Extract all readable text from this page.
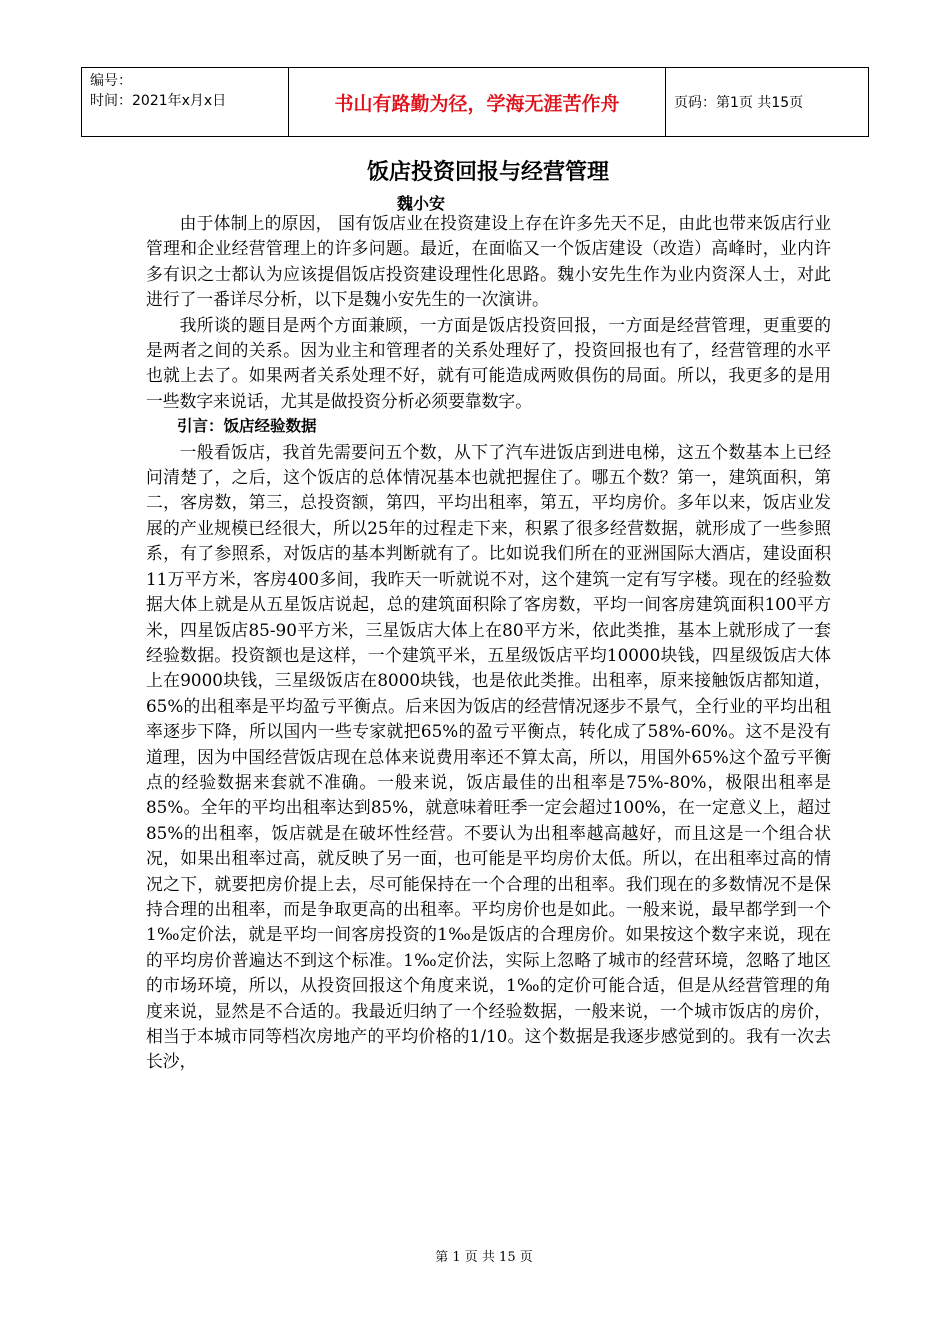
编号：
时间：2021年x月x日	书山有路勤为径，学海无涯苦作舟	页码：第1页 共15页
饭店投资回报与经营管理
魏小安

由于体制上的原因， 国有饭店业在投资建设上存在许多先天不足，由此也带来饭店行业管理和企业经营管理上的许多问题。最近，在面临又一个饭店建设（改造）高峰时，业内许多有识之士都认为应该提倡饭店投资建设理性化思路。魏小安先生作为业内资深人士，对此进行了一番详尽分析，以下是魏小安先生的一次演讲。

我所谈的题目是两个方面兼顾，一方面是饭店投资回报，一方面是经营管理，更重要的是两者之间的关系。因为业主和管理者的关系处理好了，投资回报也有了，经营管理的水平也就上去了。如果两者关系处理不好，就有可能造成两败俱伤的局面。所以，我更多的是用一些数字来说话，尤其是做投资分析必须要靠数字。

引言：饭店经验数据

一般看饭店，我首先需要问五个数，从下了汽车进饭店到进电梯，这五个数基本上已经问清楚了，之后，这个饭店的总体情况基本也就把握住了。哪五个数？第一，建筑面积，第二，客房数，第三，总投资额，第四，平均出租率，第五，平均房价。多年以来，饭店业发展的产业规模已经很大，所以25年的过程走下来，积累了很多经营数据，就形成了一些参照系，有了参照系，对饭店的基本判断就有了。比如说我们所在的亚洲国际大酒店，建设面积11万平方米，客房400多间，我昨天一听就说不对，这个建筑一定有写字楼。现在的经验数据大体上就是从五星饭店说起，总的建筑面积除了客房数，平均一间客房建筑面积100平方米，四星饭店85-90平方米，三星饭店大体上在80平方米，依此类推，基本上就形成了一套经验数据。投资额也是这样，一个建筑平米，五星级饭店平均10000块钱，四星级饭店大体上在9000块钱，三星级饭店在8000块钱，也是依此类推。出租率，原来接触饭店都知道， 65%的出租率是平均盈亏平衡点。后来因为饭店的经营情况逐步不景气，全行业的平均出租率逐步下降，所以国内一些专家就把65%的盈亏平衡点，转化成了58%-60%。这不是没有道理，因为中国经营饭店现在总体来说费用率还不算太高，所以，用国外65%这个盈亏平衡点的经验数据来套就不准确。一般来说，饭店最佳的出租率是75%-80%，极限出租率是85%。全年的平均出租率达到85%，就意味着旺季一定会超过100%，在一定意义上，超过85%的出租率，饭店就是在破坏性经营。不要认为出租率越高越好，而且这是一个组合状况，如果出租率过高，就反映了另一面，也可能是平均房价太低。所以，在出租率过高的情况之下，就要把房价提上去，尽可能保持在一个合理的出租率。我们现在的多数情况不是保持合理的出租率，而是争取更高的出租率。平均房价也是如此。一般来说，最早都学到一个1‰定价法，就是平均一间客房投资的1‰是饭店的合理房价。如果按这个数字来说，现在的平均房价普遍达不到这个标准。1‰定价法，实际上忽略了城市的经营环境，忽略了地区的市场环境，所以，从投资回报这个角度来说，1‰的定价可能合适，但是从经营管理的角度来说，显然是不合适的。我最近归纳了一个经验数据，一般来说，一个城市饭店的房价，相当于本城市同等档次房地产的平均价格的1/10。这个数据是我逐步感觉到的。我有一次去长沙，

第 1 页 共 15 页
